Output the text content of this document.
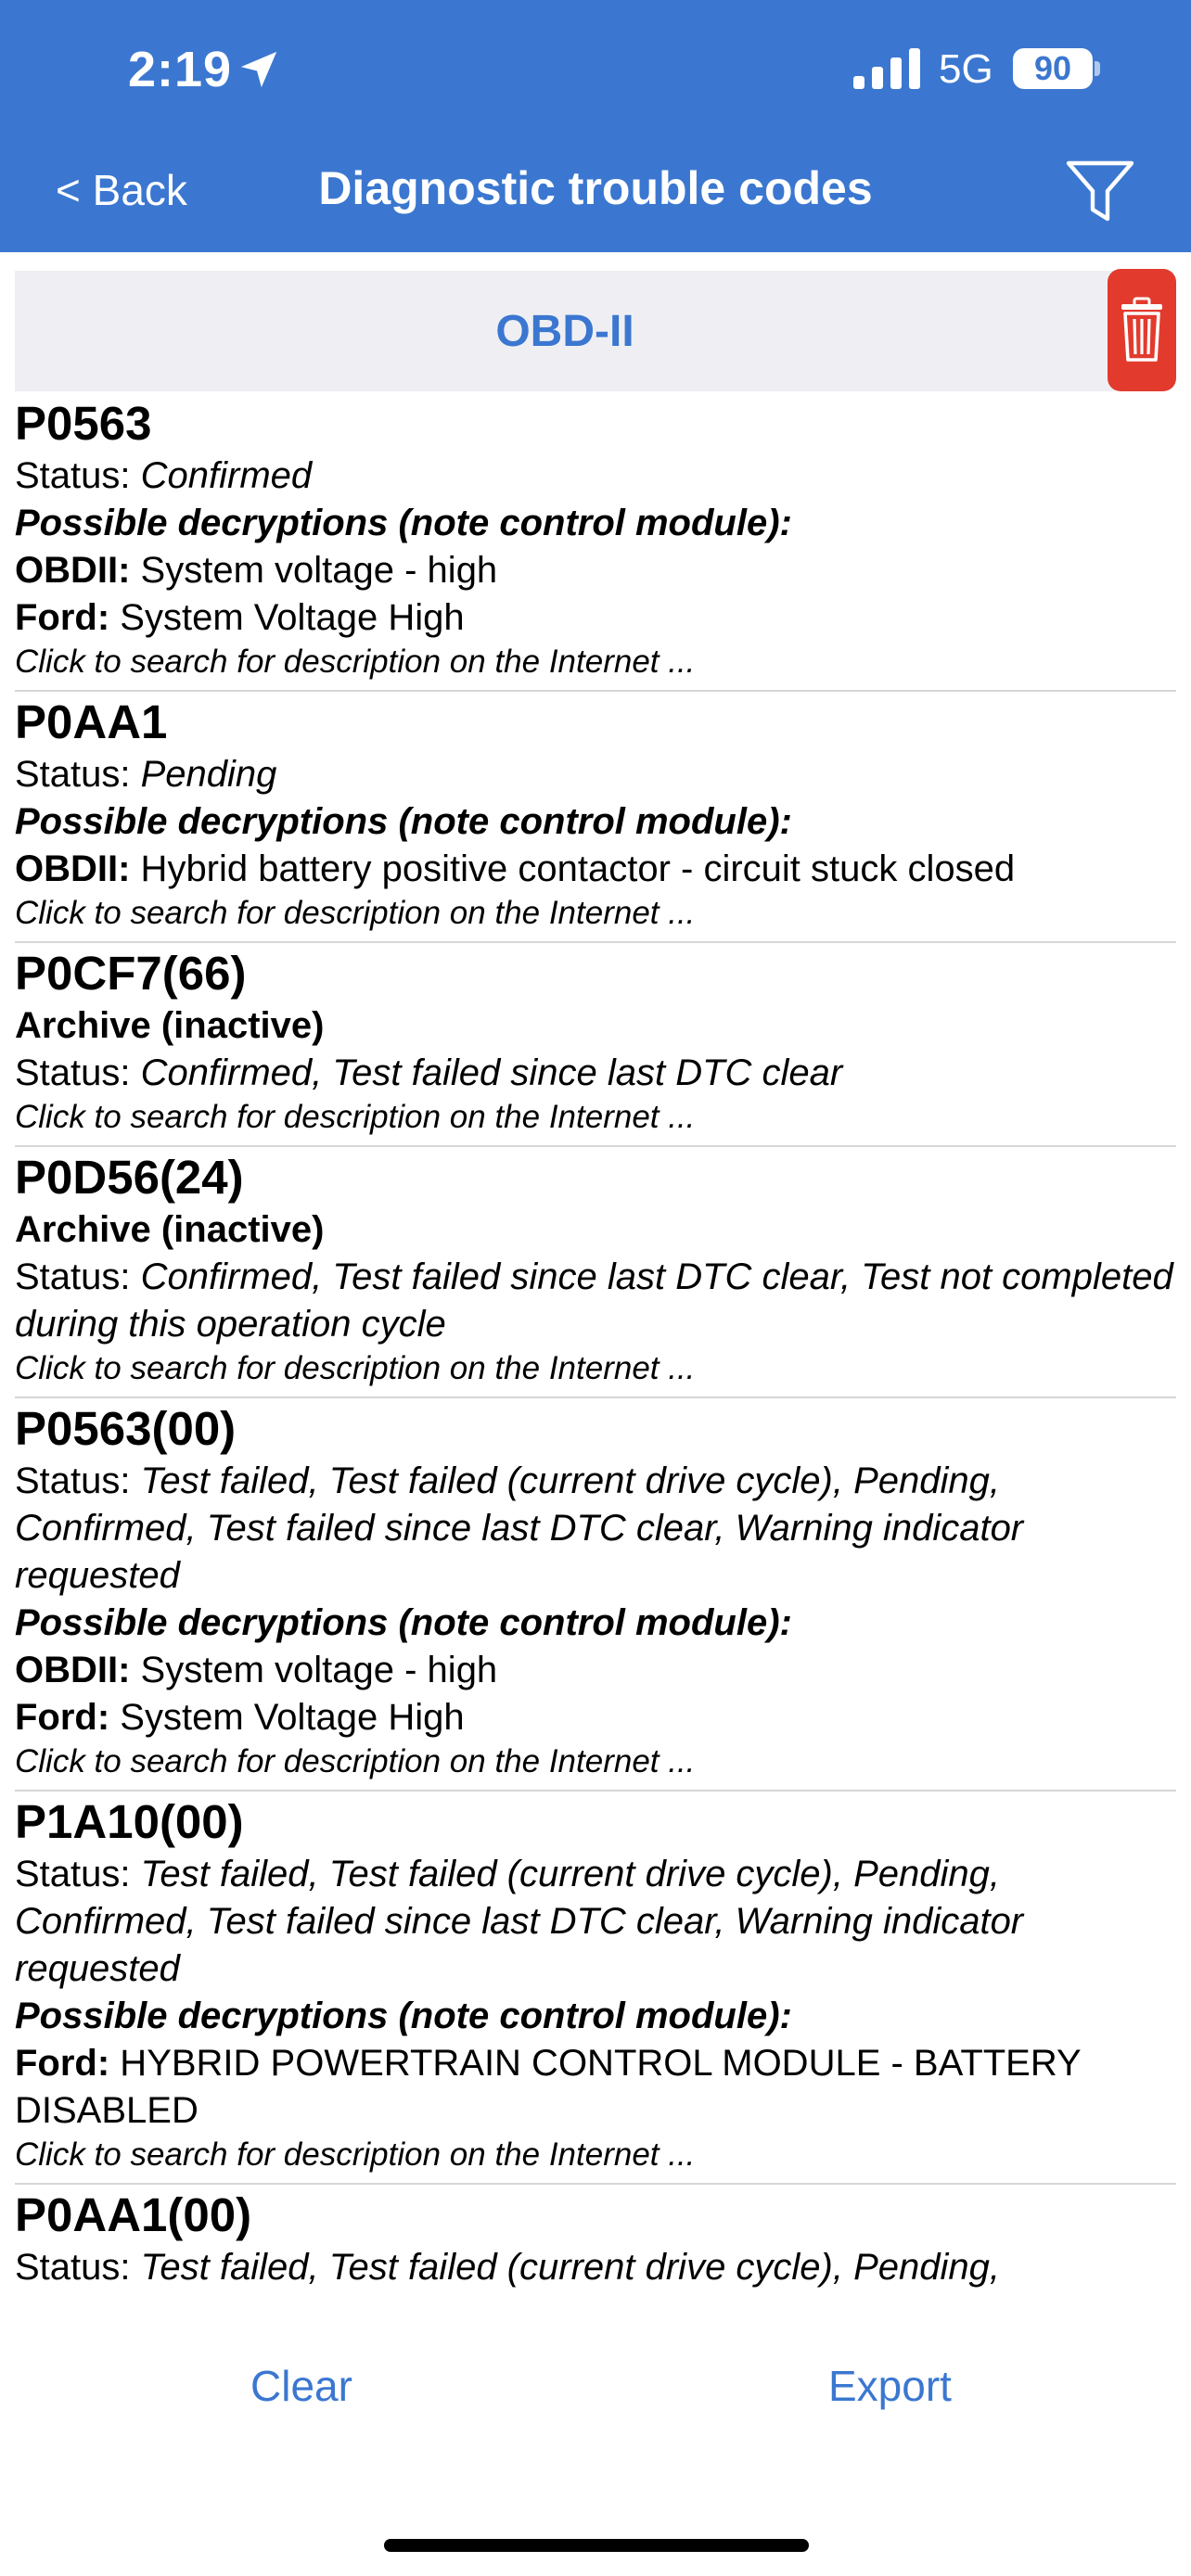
2:19	5G	90
< Back	Diagnostic trouble codes
OBD-II
P0563
Status: Confirmed
Possible decryptions (note control module):
OBDII: System voltage - high
Ford: System Voltage High
Click to search for description on the Internet ...
P0AA1
Status: Pending
Possible decryptions (note control module):
OBDII: Hybrid battery positive contactor - circuit stuck closed
Click to search for description on the Internet ...
P0CF7(66)
Archive (inactive)
Status: Confirmed, Test failed since last DTC clear
Click to search for description on the Internet ...
P0D56(24)
Archive (inactive)
Status: Confirmed, Test failed since last DTC clear, Test not completed during this operation cycle
Click to search for description on the Internet ...
P0563(00)
Status: Test failed, Test failed (current drive cycle), Pending, Confirmed, Test failed since last DTC clear, Warning indicator requested
Possible decryptions (note control module):
OBDII: System voltage - high
Ford: System Voltage High
Click to search for description on the Internet ...
P1A10(00)
Status: Test failed, Test failed (current drive cycle), Pending, Confirmed, Test failed since last DTC clear, Warning indicator requested
Possible decryptions (note control module):
Ford: HYBRID POWERTRAIN CONTROL MODULE - BATTERY DISABLED
Click to search for description on the Internet ...
P0AA1(00)
Status: Test failed, Test failed (current drive cycle), Pending,
Clear	Export
